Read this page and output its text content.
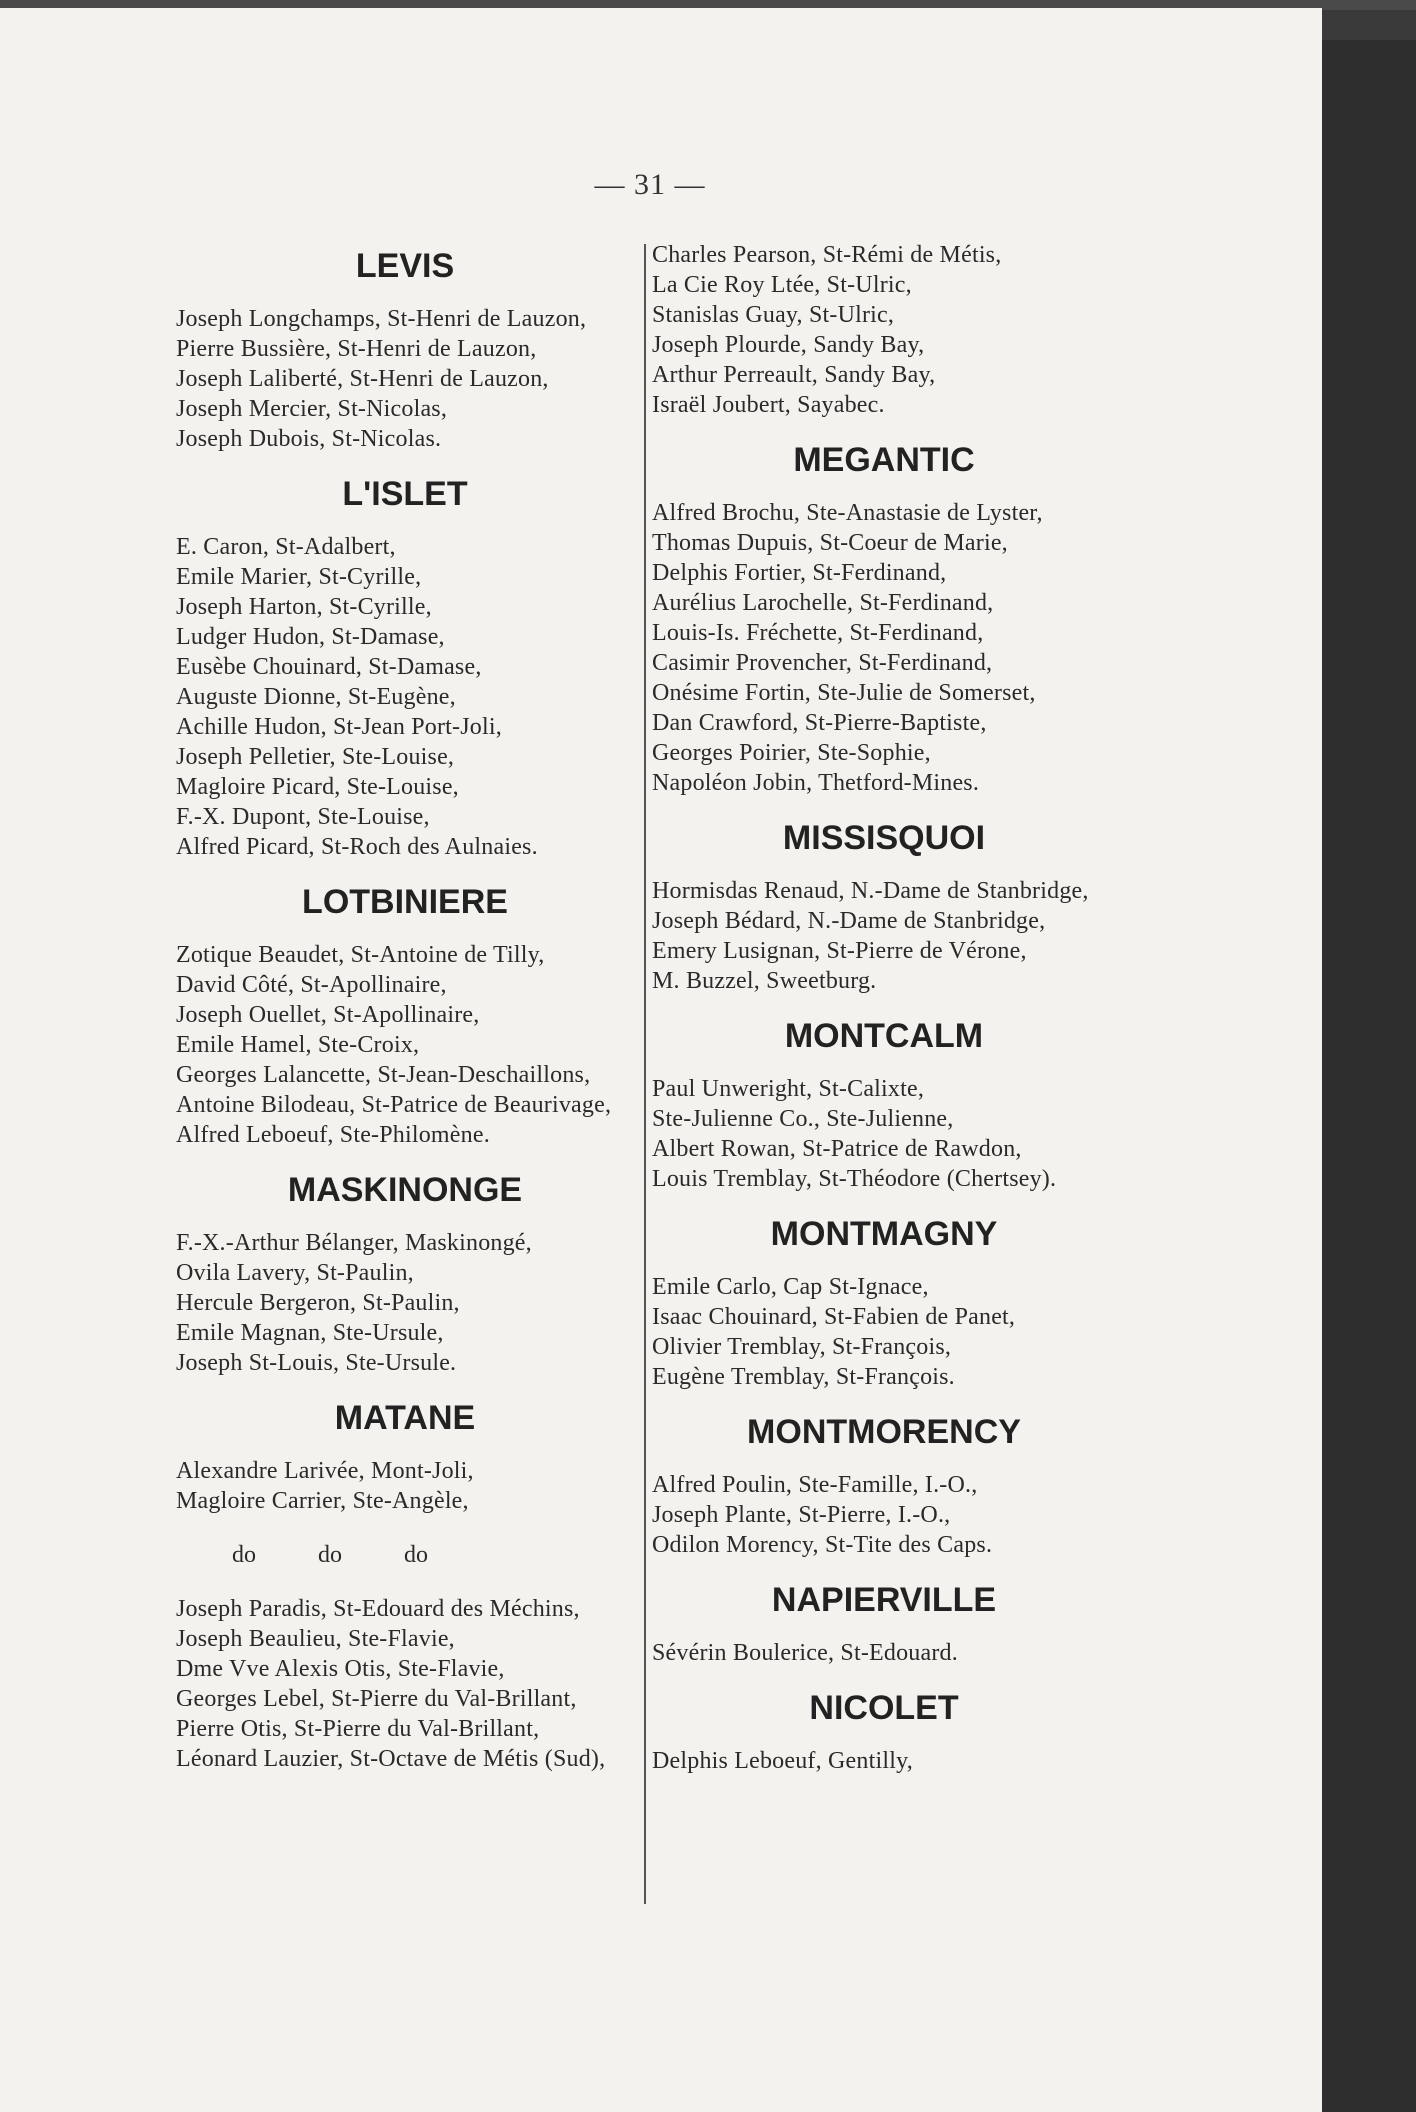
— 31 —
LEVIS

Joseph Longchamps, St-Henri de Lauzon,

Pierre Bussière, St-Henri de Lauzon,

Joseph Laliberté, St-Henri de Lauzon,

Joseph Mercier, St-Nicolas,

Joseph Dubois, St-Nicolas.

L'ISLET

E. Caron, St-Adalbert,

Emile Marier, St-Cyrille,

Joseph Harton, St-Cyrille,

Ludger Hudon, St-Damase,

Eusèbe Chouinard, St-Damase,

Auguste Dionne, St-Eugène,

Achille Hudon, St-Jean Port-Joli,

Joseph Pelletier, Ste-Louise,

Magloire Picard, Ste-Louise,

F.-X. Dupont, Ste-Louise,

Alfred Picard, St-Roch des Aulnaies.

LOTBINIERE

Zotique Beaudet, St-Antoine de Tilly,

David Côté, St-Apollinaire,

Joseph Ouellet, St-Apollinaire,

Emile Hamel, Ste-Croix,

Georges Lalancette, St-Jean-Deschaillons,

Antoine Bilodeau, St-Patrice de Beaurivage,

Alfred Leboeuf, Ste-Philomène.

MASKINONGE

F.-X.-Arthur Bélanger, Maskinongé,

Ovila Lavery, St-Paulin,

Hercule Bergeron, St-Paulin,

Emile Magnan, Ste-Ursule,

Joseph St-Louis, Ste-Ursule.

MATANE

Alexandre Larivée, Mont-Joli,

Magloire Carrier, Ste-Angèle,

do do do

Joseph Paradis, St-Edouard des Méchins,

Joseph Beaulieu, Ste-Flavie,

Dme Vve Alexis Otis, Ste-Flavie,

Georges Lebel, St-Pierre du Val-Brillant,

Pierre Otis, St-Pierre du Val-Brillant,

Léonard Lauzier, St-Octave de Métis (Sud),

Charles Pearson, St-Rémi de Métis,

La Cie Roy Ltée, St-Ulric,

Stanislas Guay, St-Ulric,

Joseph Plourde, Sandy Bay,

Arthur Perreault, Sandy Bay,

Israël Joubert, Sayabec.

MEGANTIC

Alfred Brochu, Ste-Anastasie de Lyster,

Thomas Dupuis, St-Coeur de Marie,

Delphis Fortier, St-Ferdinand,

Aurélius Larochelle, St-Ferdinand,

Louis-Is. Fréchette, St-Ferdinand,

Casimir Provencher, St-Ferdinand,

Onésime Fortin, Ste-Julie de Somerset,

Dan Crawford, St-Pierre-Baptiste,

Georges Poirier, Ste-Sophie,

Napoléon Jobin, Thetford-Mines.

MISSISQUOI

Hormisdas Renaud, N.-Dame de Stanbridge,

Joseph Bédard, N.-Dame de Stanbridge,

Emery Lusignan, St-Pierre de Vérone,

M. Buzzel, Sweetburg.

MONTCALM

Paul Unweright, St-Calixte,

Ste-Julienne Co., Ste-Julienne,

Albert Rowan, St-Patrice de Rawdon,

Louis Tremblay, St-Théodore (Chertsey).

MONTMAGNY

Emile Carlo, Cap St-Ignace,

Isaac Chouinard, St-Fabien de Panet,

Olivier Tremblay, St-François,

Eugène Tremblay, St-François.

MONTMORENCY

Alfred Poulin, Ste-Famille, I.-O.,

Joseph Plante, St-Pierre, I.-O.,

Odilon Morency, St-Tite des Caps.

NAPIERVILLE

Sévérin Boulerice, St-Edouard.

NICOLET

Delphis Leboeuf, Gentilly,
